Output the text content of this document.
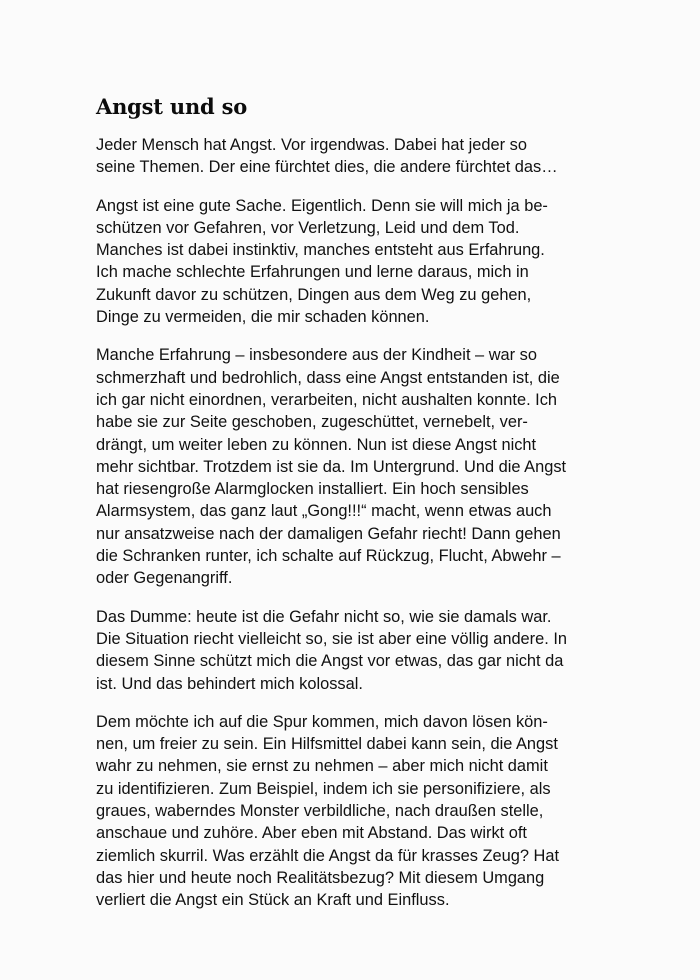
Angst und so

Jeder Mensch hat Angst. Vor irgendwas. Dabei hat jeder so
seine Themen. Der eine fürchtet dies, die andere fürchtet das…

Angst ist eine gute Sache. Eigentlich. Denn sie will mich ja be-
schützen vor Gefahren, vor Verletzung, Leid und dem Tod.
Manches ist dabei instinktiv, manches entsteht aus Erfahrung.
Ich mache schlechte Erfahrungen und lerne daraus, mich in
Zukunft davor zu schützen, Dingen aus dem Weg zu gehen,
Dinge zu vermeiden, die mir schaden können.

Manche Erfahrung – insbesondere aus der Kindheit – war so
schmerzhaft und bedrohlich, dass eine Angst entstanden ist, die
ich gar nicht einordnen, verarbeiten, nicht aushalten konnte. Ich
habe sie zur Seite geschoben, zugeschüttet, vernebelt, ver-
drängt, um weiter leben zu können. Nun ist diese Angst nicht
mehr sichtbar. Trotzdem ist sie da. Im Untergrund. Und die Angst
hat riesengroße Alarmglocken installiert. Ein hoch sensibles
Alarmsystem, das ganz laut „Gong!!!“ macht, wenn etwas auch
nur ansatzweise nach der damaligen Gefahr riecht! Dann gehen
die Schranken runter, ich schalte auf Rückzug, Flucht, Abwehr –
oder Gegenangriff.

Das Dumme: heute ist die Gefahr nicht so, wie sie damals war.
Die Situation riecht vielleicht so, sie ist aber eine völlig andere. In
diesem Sinne schützt mich die Angst vor etwas, das gar nicht da
ist. Und das behindert mich kolossal.

Dem möchte ich auf die Spur kommen, mich davon lösen kön-
nen, um freier zu sein. Ein Hilfsmittel dabei kann sein, die Angst
wahr zu nehmen, sie ernst zu nehmen – aber mich nicht damit
zu identifizieren. Zum Beispiel, indem ich sie personifiziere, als
graues, waberndes Monster verbildliche, nach draußen stelle,
anschaue und zuhöre. Aber eben mit Abstand. Das wirkt oft
ziemlich skurril. Was erzählt die Angst da für krasses Zeug? Hat
das hier und heute noch Realitätsbezug? Mit diesem Umgang
verliert die Angst ein Stück an Kraft und Einfluss.
